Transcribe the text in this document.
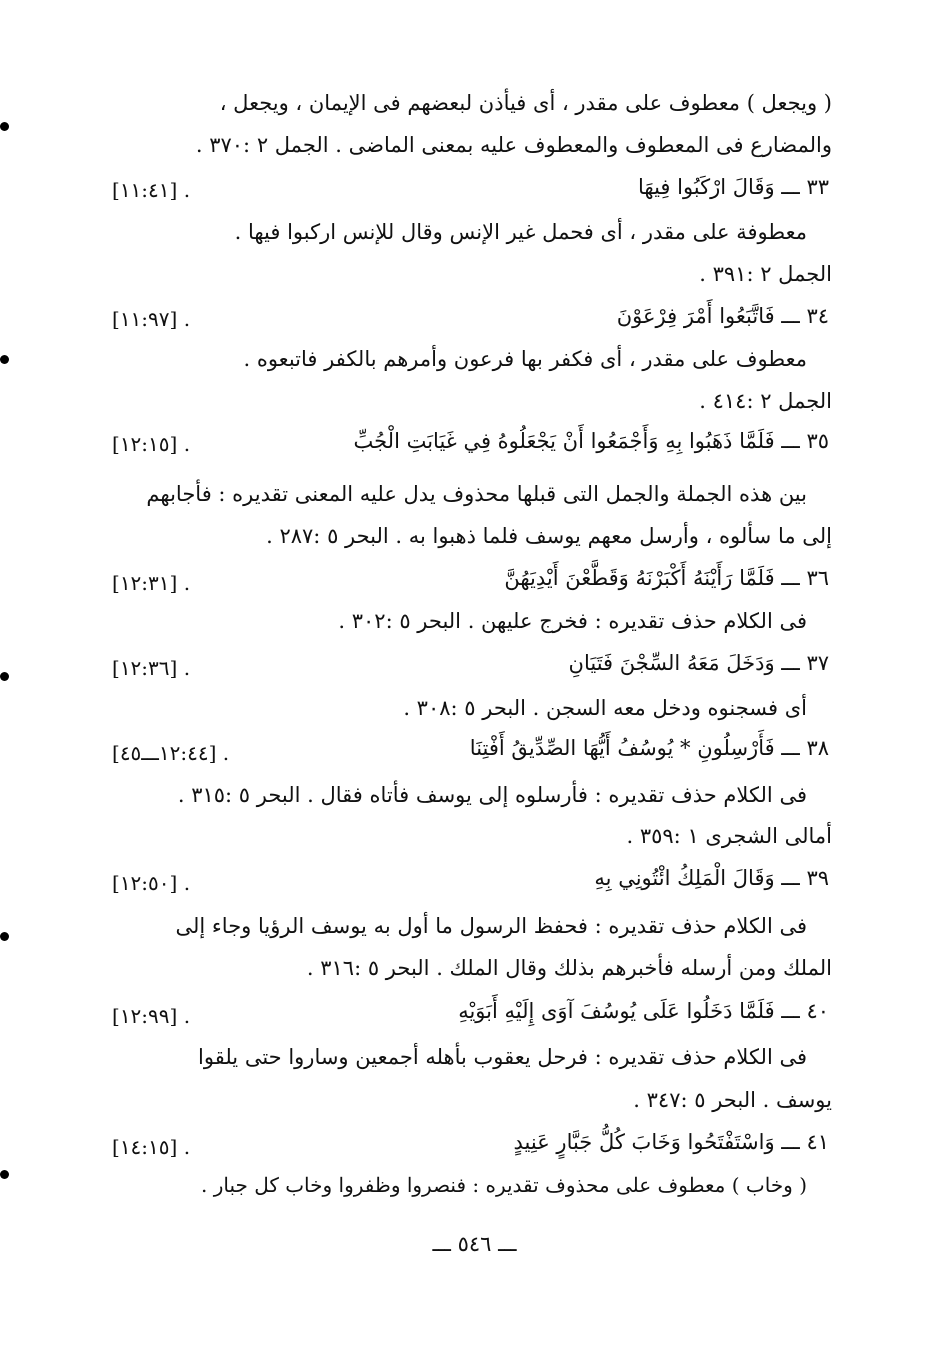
( ويجعل ) معطوف على مقدر ، أى فيأذن لبعضهم فى الإيمان ، ويجعل ،
والمضارع فى المعطوف والمعطوف عليه بمعنى الماضى . الجمل ٢ :٣٧٠ .
٣٣ ـــ وَقَالَ ارْكَبُوا فِيهَا
[١١:٤١] .
معطوفة على مقدر ، أى فحمل غير الإنس وقال للإنس اركبوا فيها .
الجمل ٢ :٣٩١ .
٣٤ ـــ فَاتَّبَعُوا أَمْرَ فِرْعَوْنَ
[١١:٩٧] .
معطوف على مقدر ، أى فكفر بها فرعون وأمرهم بالكفر فاتبعوه .
الجمل ٢ :٤١٤ .
٣٥ ـــ فَلَمَّا ذَهَبُوا بِهِ وَأَجْمَعُوا أَنْ يَجْعَلُوهُ فِي غَيَابَتِ الْجُبِّ
[١٢:١٥] .
بين هذه الجملة والجمل التى قبلها محذوف يدل عليه المعنى تقديره : فأجابهم
إلى ما سألوه ، وأرسل معهم يوسف فلما ذهبوا به . البحر ٥ :٢٨٧ .
٣٦ ـــ فَلَمَّا رَأَيْنَهُ أَكْبَرْنَهُ وَقَطَّعْنَ أَيْدِيَهُنَّ
[١٢:٣١] .
فى الكلام حذف تقديره : فخرج عليهن . البحر ٥ :٣٠٢ .
٣٧ ـــ وَدَخَلَ مَعَهُ السِّجْنَ فَتَيَانِ
[١٢:٣٦] .
أى فسجنوه ودخل معه السجن . البحر ٥ :٣٠٨ .
٣٨ ـــ فَأَرْسِلُونِ * يُوسُفُ أَيُّهَا الصِّدِّيقُ أَفْتِنَا
[١٢:٤٤ـــ٤٥] .
فى الكلام حذف تقديره : فأرسلوه إلى يوسف فأتاه فقال . البحر ٥ :٣١٥ .
أمالى الشجرى ١ :٣٥٩ .
٣٩ ـــ وَقَالَ الْمَلِكُ ائْتُونِي بِهِ
[١٢:٥٠] .
فى الكلام حذف تقديره : فحفظ الرسول ما أول به يوسف الرؤيا وجاء إلى
الملك ومن أرسله فأخبرهم بذلك وقال الملك . البحر ٥ :٣١٦ .
٤٠ ـــ فَلَمَّا دَخَلُوا عَلَى يُوسُفَ آوَى إِلَيْهِ أَبَوَيْهِ
[١٢:٩٩] .
فى الكلام حذف تقديره : فرحل يعقوب بأهله أجمعين وساروا حتى يلقوا
يوسف . البحر ٥ :٣٤٧ .
٤١ ـــ وَاسْتَفْتَحُوا وَخَابَ كُلُّ جَبَّارٍ عَنِيدٍ
[١٤:١٥] .
( وخاب ) معطوف على محذوف تقديره : فنصروا وظفروا وخاب كل جبار .
ـــ ٥٤٦ ـــ
